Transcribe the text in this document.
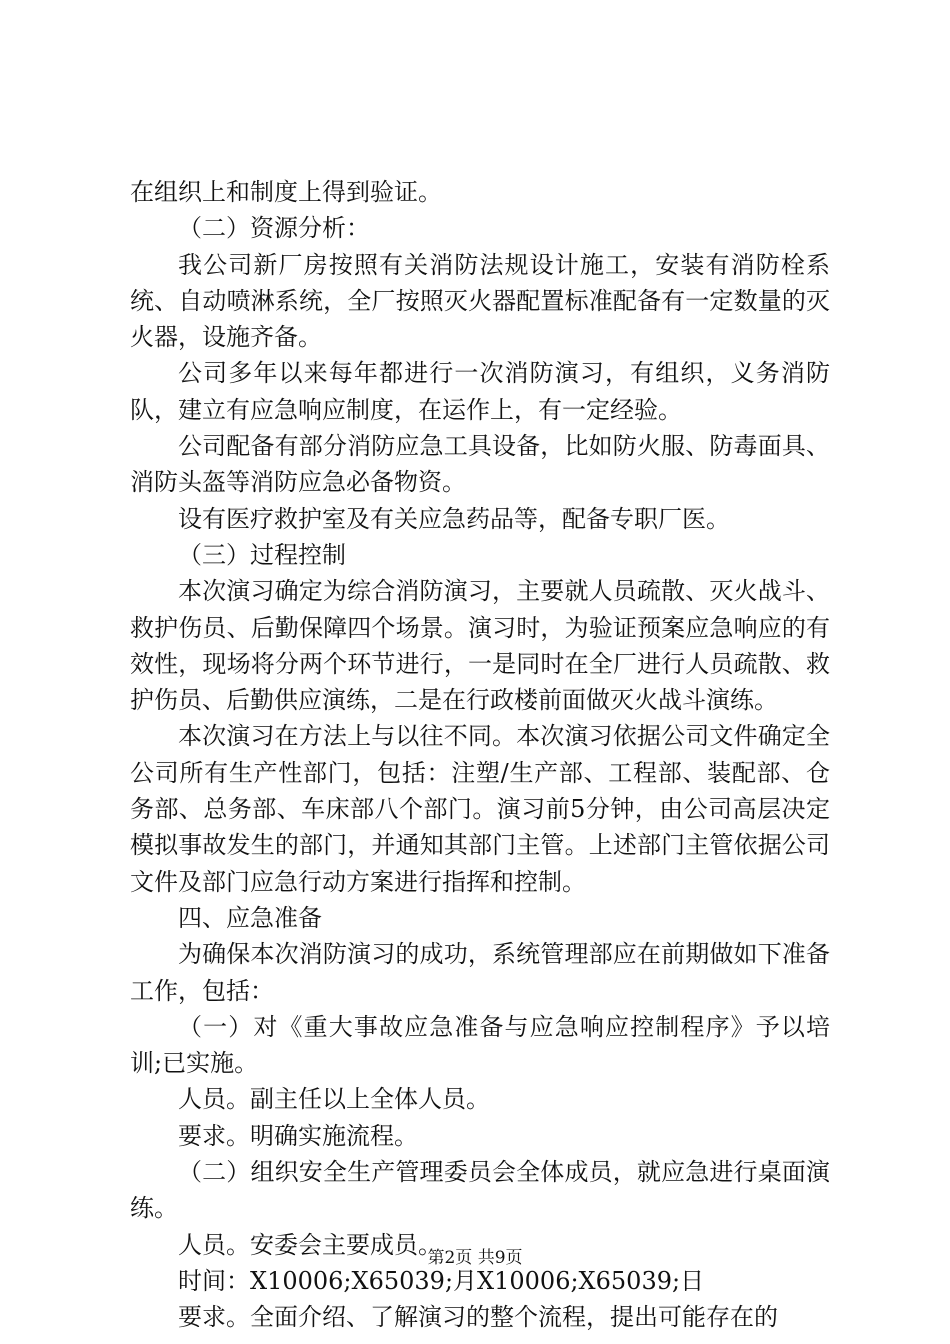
在组织上和制度上得到验证。

（二）资源分析：

我公司新厂房按照有关消防法规设计施工，安装有消防栓系统、自动喷淋系统，全厂按照灭火器配置标准配备有一定数量的灭火器，设施齐备。

公司多年以来每年都进行一次消防演习，有组织，义务消防队，建立有应急响应制度，在运作上，有一定经验。

公司配备有部分消防应急工具设备，比如防火服、防毒面具、消防头盔等消防应急必备物资。

设有医疗救护室及有关应急药品等，配备专职厂医。

（三）过程控制

本次演习确定为综合消防演习，主要就人员疏散、灭火战斗、救护伤员、后勤保障四个场景。演习时，为验证预案应急响应的有效性，现场将分两个环节进行，一是同时在全厂进行人员疏散、救护伤员、后勤供应演练，二是在行政楼前面做灭火战斗演练。

本次演习在方法上与以往不同。本次演习依据公司文件确定全公司所有生产性部门，包括：注塑/生产部、工程部、装配部、仓务部、总务部、车床部八个部门。演习前5分钟，由公司高层决定模拟事故发生的部门，并通知其部门主管。上述部门主管依据公司文件及部门应急行动方案进行指挥和控制。

四、应急准备

为确保本次消防演习的成功，系统管理部应在前期做如下准备工作，包括：

（一）对《重大事故应急准备与应急响应控制程序》予以培训;已实施。

人员。副主任以上全体人员。

要求。明确实施流程。

（二）组织安全生产管理委员会全体成员，就应急进行桌面演练。

人员。安委会主要成员。

时间：X10006;X65039;月X10006;X65039;日

要求。全面介绍、了解演习的整个流程，提出可能存在的

第2页 共9页
